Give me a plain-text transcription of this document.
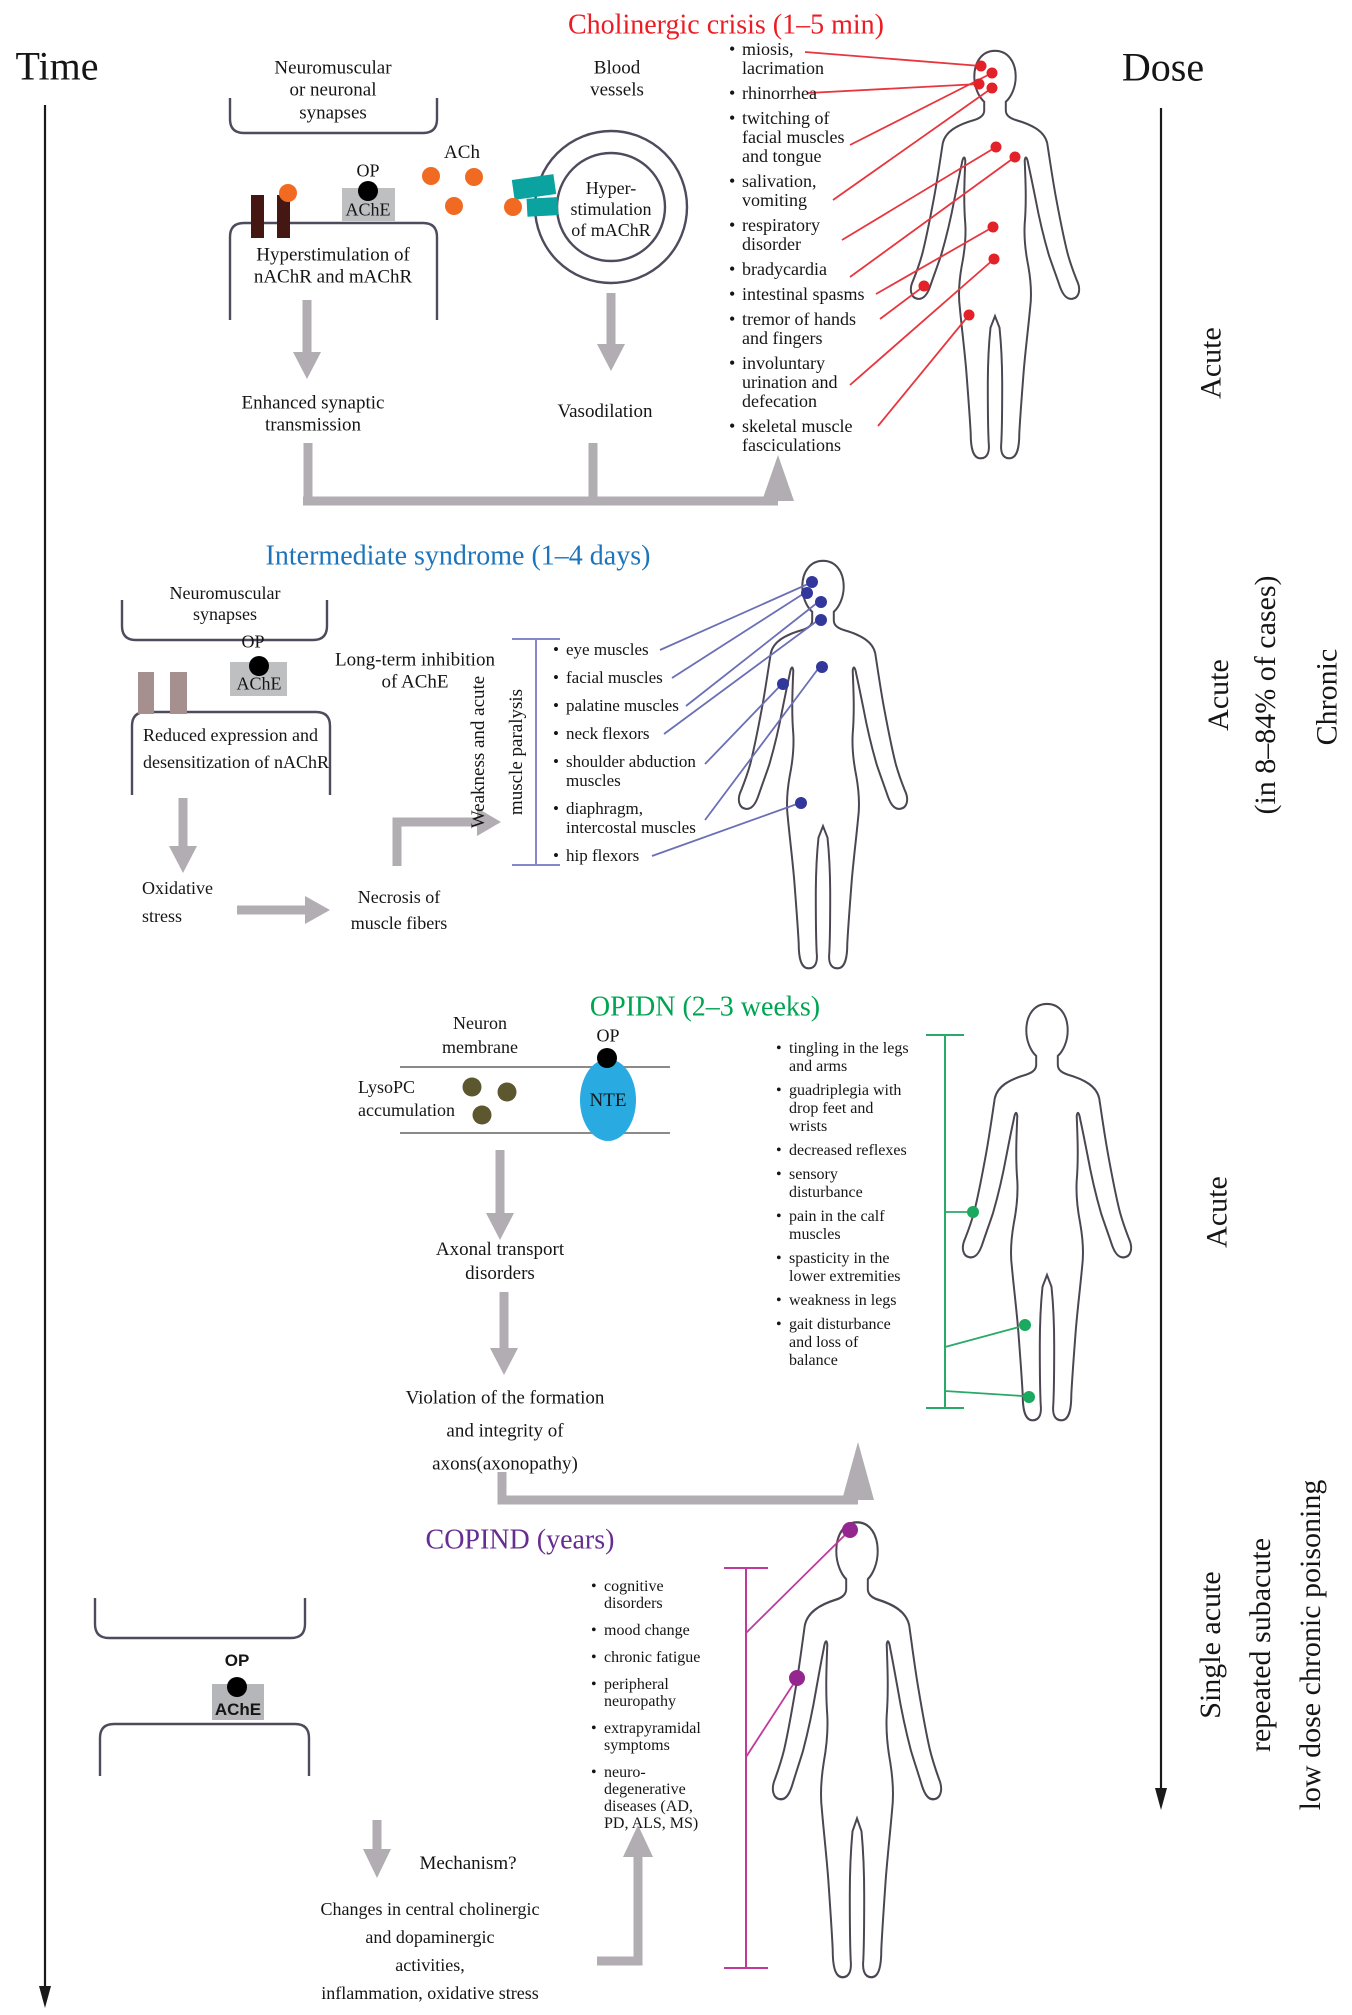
Time	Dose
Acute
Acute (in 8–84% of cases) Chronic
Acute
Single acute repeated subacute low dose chronic poisoning
Cholinergic crisis (1–5 min)
Neuromuscular or neuronal synapses
Blood vessels
ACh
OP
AChE
Hyper-
stimulation
of mAChR
Hyperstimulation of nAChR and mAChR
Enhanced synaptic transmission
Vasodilation
• miosis, lacrimation
• rhinorrhea
• twitching of facial muscles and tongue
• salivation, vomiting
• respiratory disorder
• bradycardia
• intestinal spasms
• tremor of hands and fingers
• involuntary urination and defecation
• skeletal muscle fasciculations
Intermediate syndrome (1–4 days)
Neuromuscular synapses
OP
AChE
Long-term inhibition of AChE
Reduced expression and desensitization of nAChR	Weakness and acute muscle paralysis
Oxidative stress
Necrosis of muscle fibers
• eye muscles
• facial muscles
• palatine muscles
• neck flexors
• shoulder abduction muscles
• diaphragm, intercostal muscles
• hip flexors
OPIDN (2–3 weeks)
Neuron membrane
LysoPC accumulation
OP
NTE
Axonal transport disorders
Violation of the formation and integrity of axons(axonopathy)
• tingling in the legs and arms
• guadriplegia with drop feet and wrists
• decreased reflexes
• sensory disturbance
• pain in the calf muscles
• spasticity in the lower extremities
• weakness in legs
• gait disturbance and loss of balance
COPIND (years)
OP
AChE
Mechanism?
Changes in central cholinergic
and dopaminergic
activities,
inflammation, oxidative stress
• cognitive disorders
• mood change
• chronic fatigue
• peripheral neuropathy
• extrapyramidal symptoms
• neuro-degenerative diseases (AD, PD, ALS, MS)
